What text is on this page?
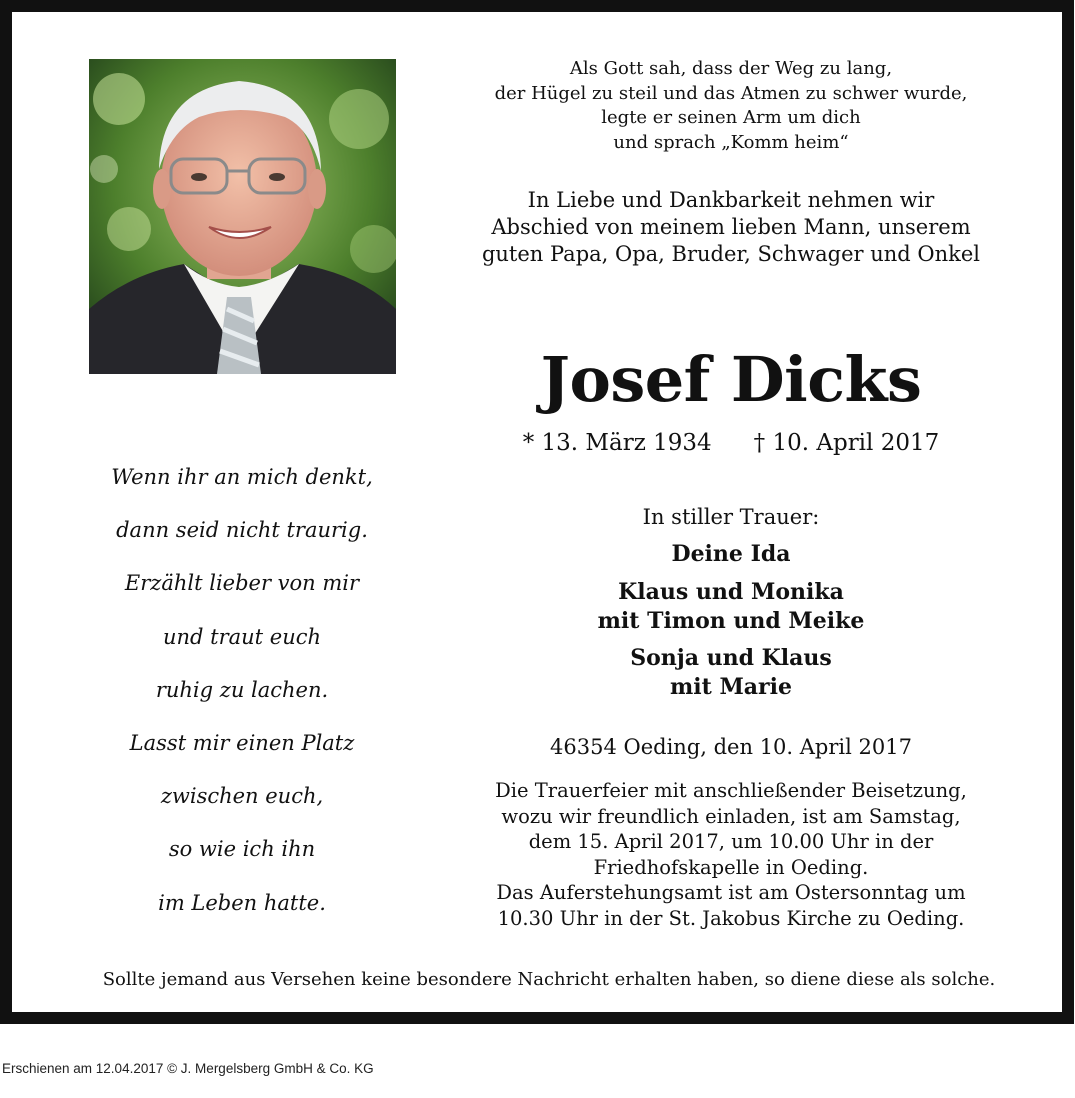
Als Gott sah, dass der Weg zu lang,
der Hügel zu steil und das Atmen zu schwer wurde,
legte er seinen Arm um dich
und sprach „Komm heim“
In Liebe und Dankbarkeit nehmen wir
Abschied von meinem lieben Mann, unserem
guten Papa, Opa, Bruder, Schwager und Onkel
Josef Dicks
* 13. März 1934 † 10. April 2017
In stiller Trauer:
Deine Ida
Klaus und Monika
mit Timon und Meike
Sonja und Klaus
mit Marie
46354 Oeding, den 10. April 2017
Die Trauerfeier mit anschließender Beisetzung,
wozu wir freundlich einladen, ist am Samstag,
dem 15. April 2017, um 10.00 Uhr in der
Friedhofskapelle in Oeding.
Das Auferstehungsamt ist am Ostersonntag um
10.30 Uhr in der St. Jakobus Kirche zu Oeding.
Wenn ihr an mich denkt,
dann seid nicht traurig.
Erzählt lieber von mir
und traut euch
ruhig zu lachen.
Lasst mir einen Platz
zwischen euch,
so wie ich ihn
im Leben hatte.
Sollte jemand aus Versehen keine besondere Nachricht erhalten haben, so diene diese als solche.
Erschienen am 12.04.2017 © J. Mergelsberg GmbH & Co. KG
